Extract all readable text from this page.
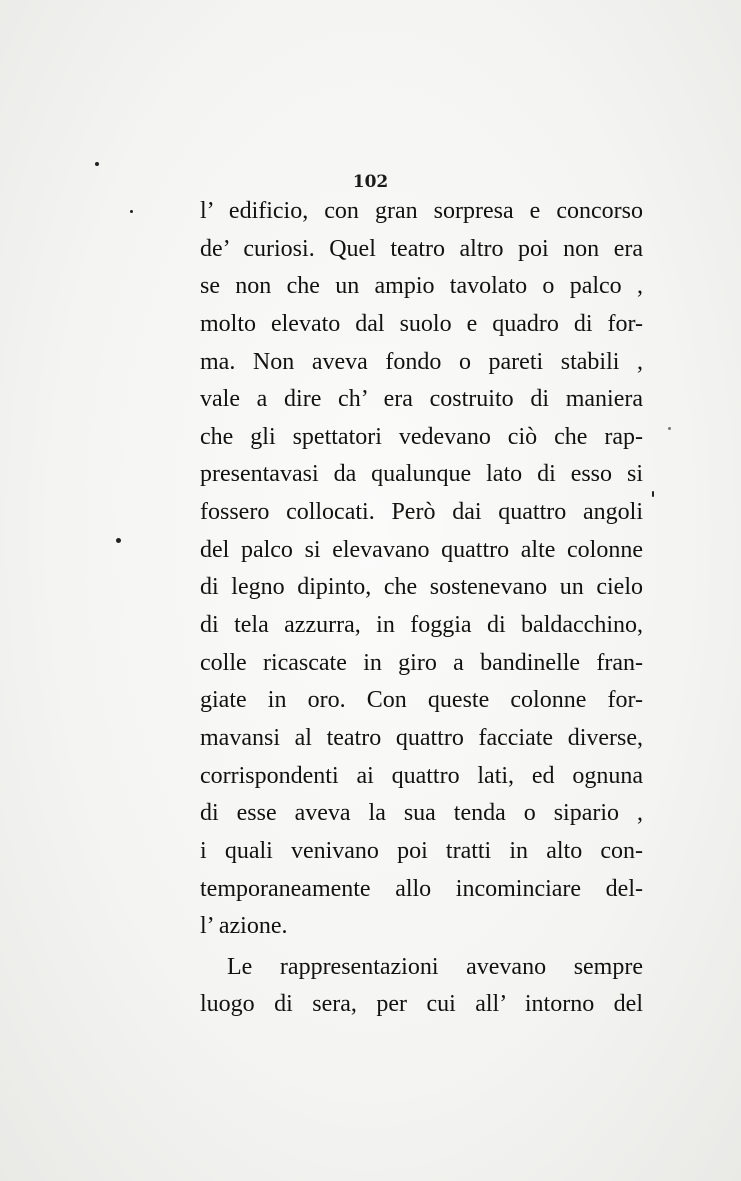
102
l’ edificio, con gran sorpresa e concorso
de’ curiosi. Quel teatro altro poi non era
se non che un ampio tavolato o palco ,
molto elevato dal suolo e quadro di for-
ma. Non aveva fondo o pareti stabili ,
vale a dire ch’ era costruito di maniera
che gli spettatori vedevano ciò che rap-
presentavasi da qualunque lato di esso si
fossero collocati. Però dai quattro angoli
del palco si elevavano quattro alte colonne
di legno dipinto, che sostenevano un cielo
di tela azzurra, in foggia di baldacchino,
colle ricascate in giro a bandinelle fran-
giate in oro. Con queste colonne for-
mavansi al teatro quattro facciate diverse,
corrispondenti ai quattro lati, ed ognuna
di esse aveva la sua tenda o sipario ,
i quali venivano poi tratti in alto con-
temporaneamente allo incominciare del-
l’ azione.
Le rappresentazioni avevano sempre
luogo di sera, per cui all’ intorno del
